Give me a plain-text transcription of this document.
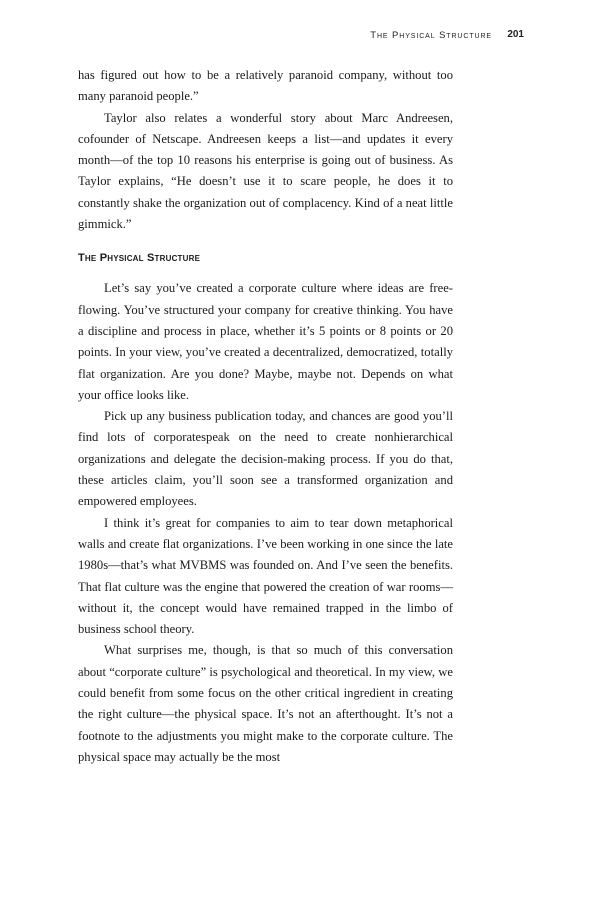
The Physical Structure 201

has figured out how to be a relatively paranoid company, without too many paranoid people.”

Taylor also relates a wonderful story about Marc Andreesen, cofounder of Netscape. Andreesen keeps a list—and updates it every month—of the top 10 reasons his enterprise is going out of business. As Taylor explains, “He doesn’t use it to scare people, he does it to constantly shake the organization out of complacency. Kind of a neat little gimmick.”

The Physical Structure

Let’s say you’ve created a corporate culture where ideas are free-flowing. You’ve structured your company for creative thinking. You have a discipline and process in place, whether it’s 5 points or 8 points or 20 points. In your view, you’ve created a decentralized, democratized, totally flat organization. Are you done? Maybe, maybe not. Depends on what your office looks like.

Pick up any business publication today, and chances are good you’ll find lots of corporatespeak on the need to create nonhierarchical organizations and delegate the decision-making process. If you do that, these articles claim, you’ll soon see a transformed organization and empowered employees.

I think it’s great for companies to aim to tear down metaphorical walls and create flat organizations. I’ve been working in one since the late 1980s—that’s what MVBMS was founded on. And I’ve seen the benefits. That flat culture was the engine that powered the creation of war rooms—without it, the concept would have remained trapped in the limbo of business school theory.

What surprises me, though, is that so much of this conversation about “corporate culture” is psychological and theoretical. In my view, we could benefit from some focus on the other critical ingredient in creating the right culture—the physical space. It’s not an afterthought. It’s not a footnote to the adjustments you might make to the corporate culture. The physical space may actually be the most
